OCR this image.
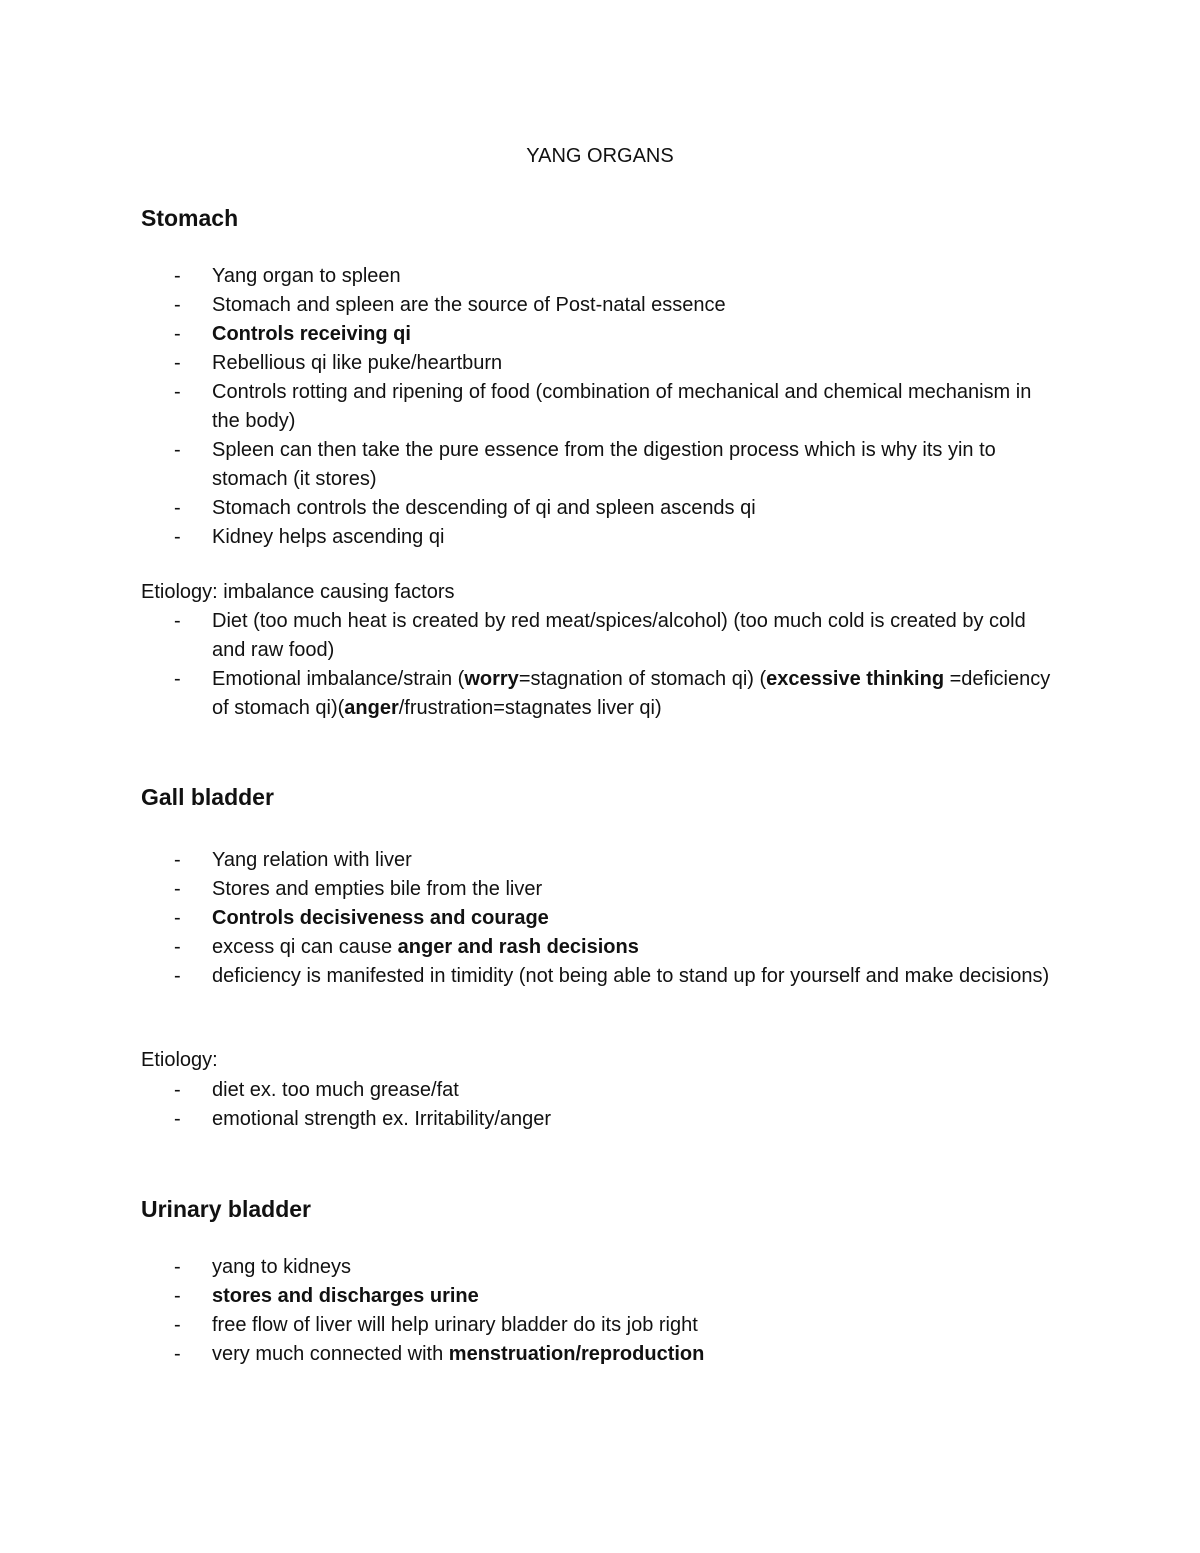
YANG ORGANS
Stomach
- Yang organ to spleen
- Stomach and spleen are the source of Post-natal essence
- Controls receiving qi
- Rebellious qi like puke/heartburn
- Controls rotting and ripening of food (combination of mechanical and chemical mechanism in the body)
- Spleen can then take the pure essence from the digestion process which is why its yin to stomach (it stores)
- Stomach controls the descending of qi and spleen ascends qi
- Kidney helps ascending qi

Etiology: imbalance causing factors

- Diet (too much heat is created by red meat/spices/alcohol) (too much cold is created by cold and raw food)
- Emotional imbalance/strain (worry=stagnation of stomach qi) (excessive thinking =deficiency of stomach qi)(anger/frustration=stagnates liver qi)
Gall bladder
- Yang relation with liver
- Stores and empties bile from the liver
- Controls decisiveness and courage
- excess qi can cause anger and rash decisions
- deficiency is manifested in timidity (not being able to stand up for yourself and make decisions)

Etiology:

- diet ex. too much grease/fat
- emotional strength ex. Irritability/anger
Urinary bladder
- yang to kidneys
- stores and discharges urine
- free flow of liver will help urinary bladder do its job right
- very much connected with menstruation/reproduction
